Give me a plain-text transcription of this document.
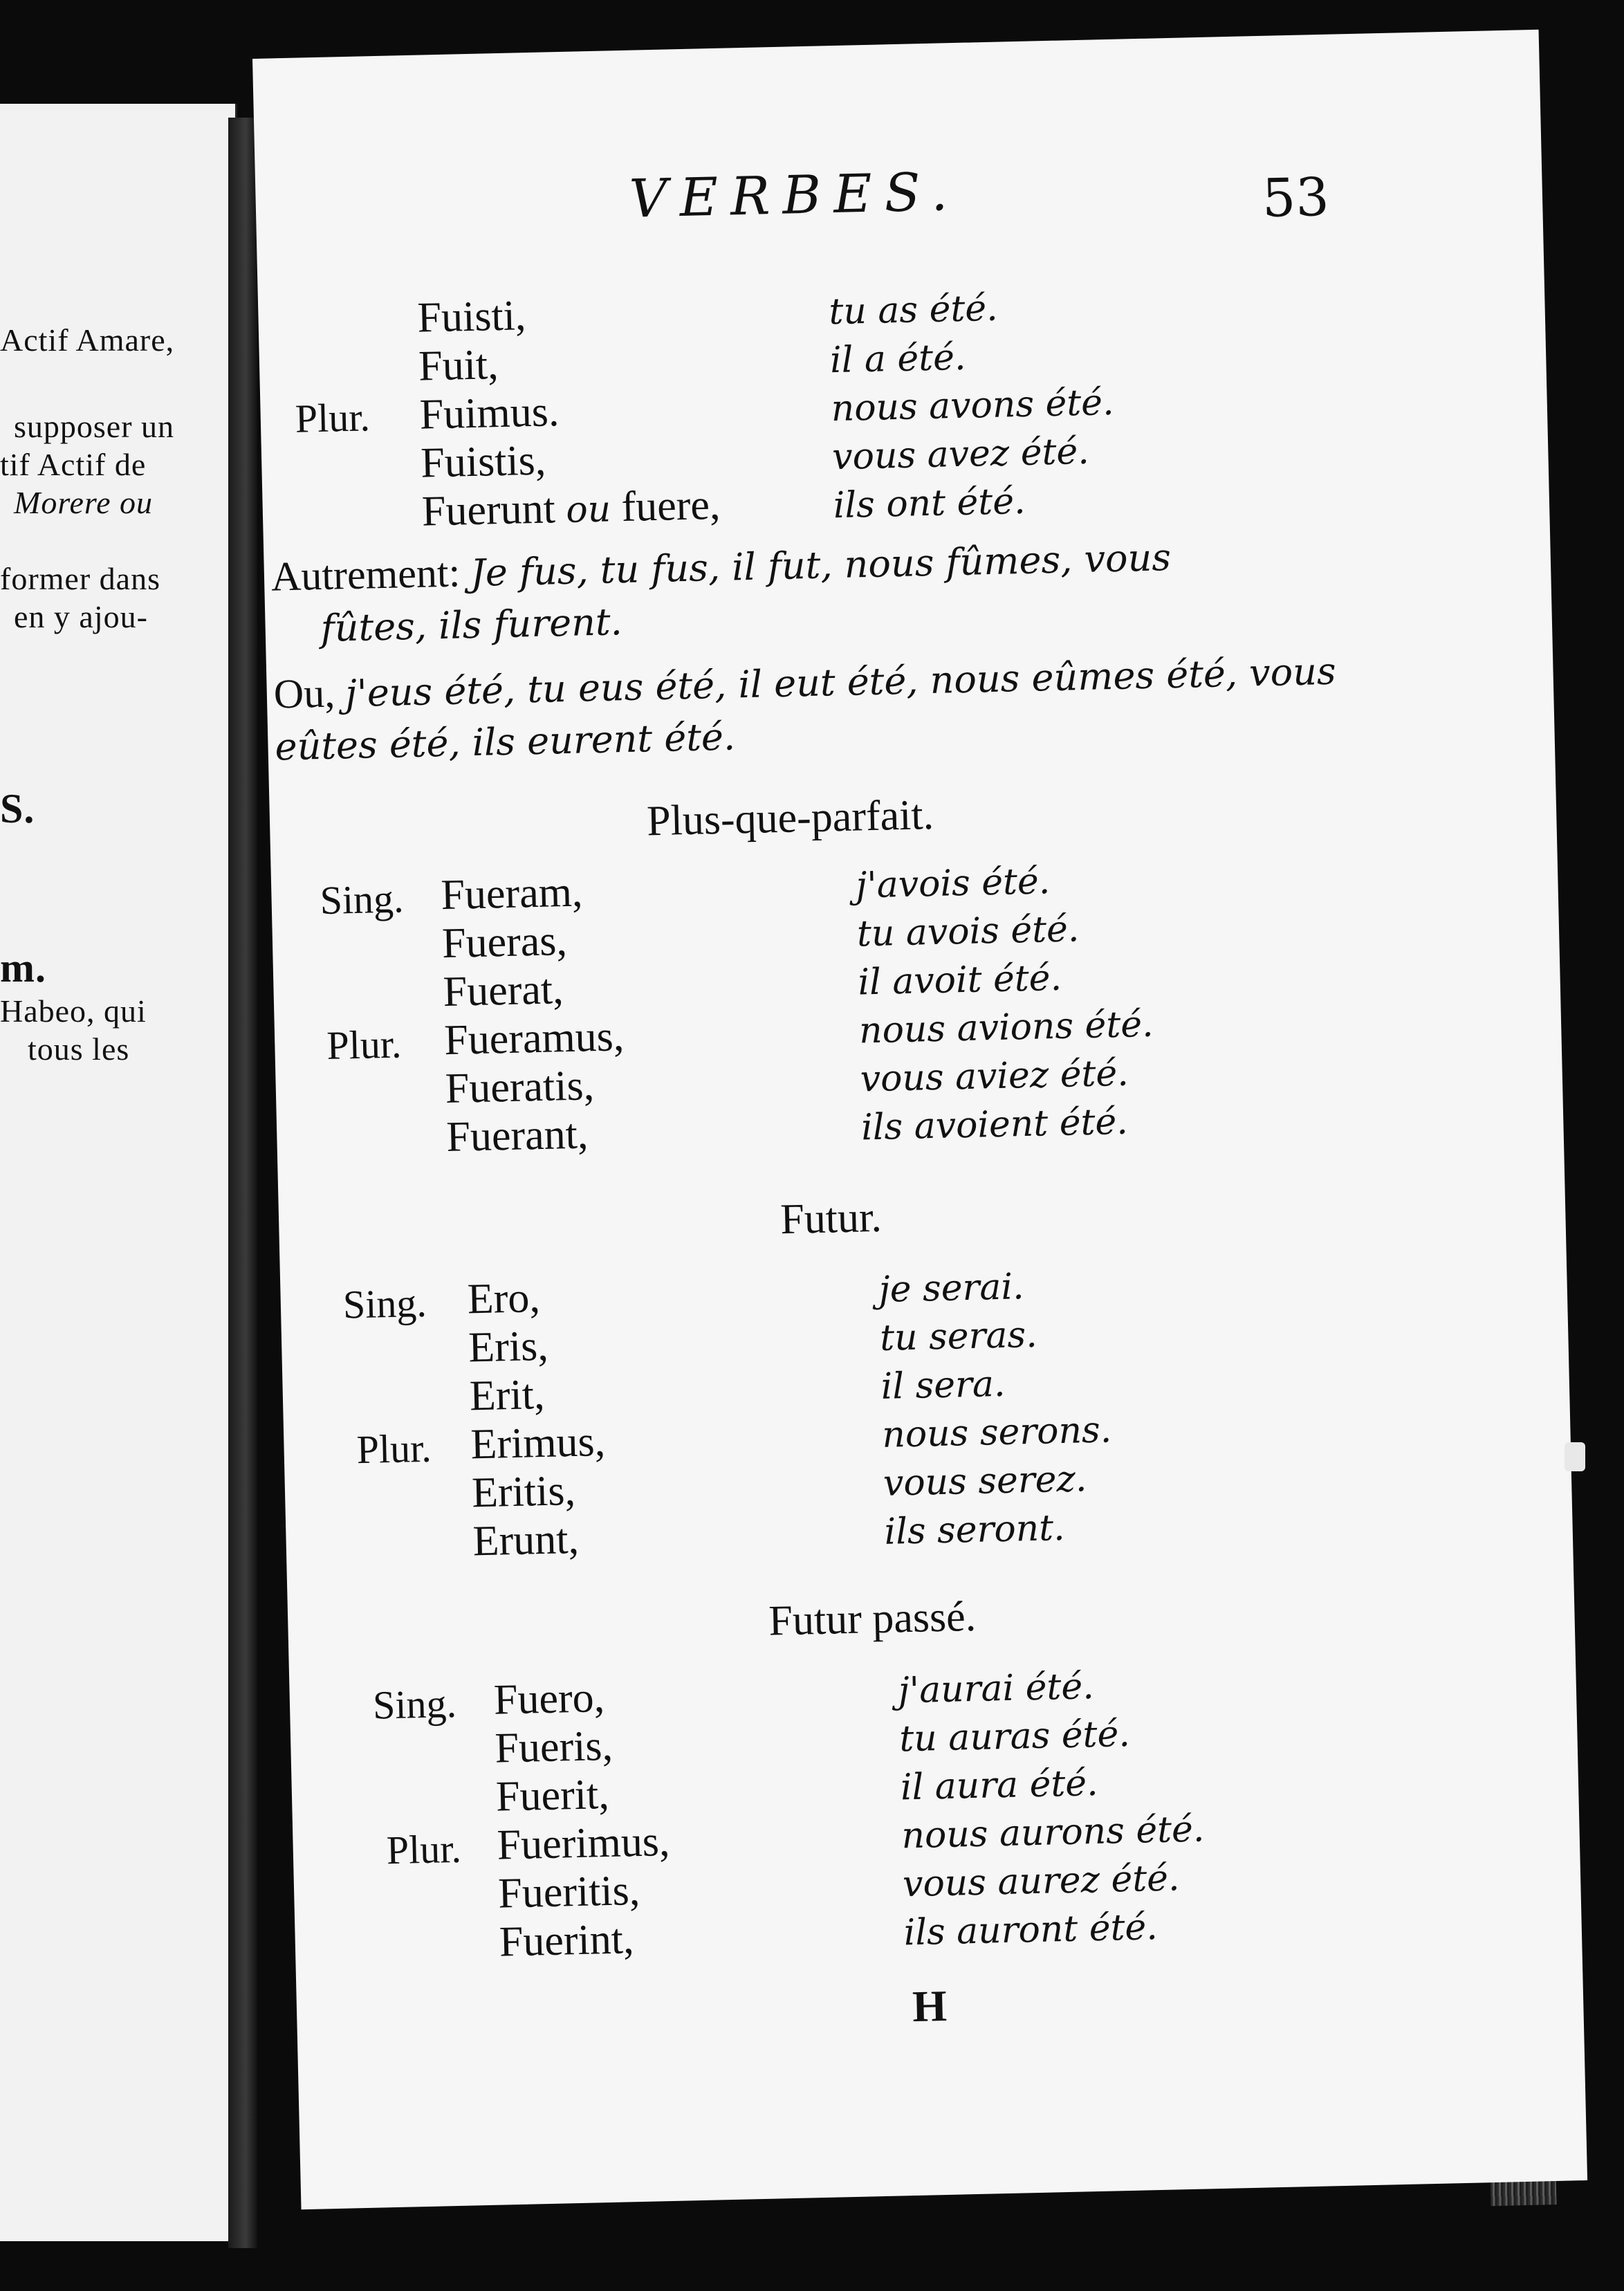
Actif Amare,
supposer un
tif Actif de
Morere ou
former dans
en y ajou-
S.
m.
Habeo, qui
tous les
VERBES.	53
Fuisti,	tu as été.
Fuit,	il a été.
Plur. Fuimus.	nous avons été.
Fuistis,	vous avez été.
Fuerunt ou fuere,	ils ont été.
Autrement: Je fus, tu fus, il fut, nous fûmes, vous
fûtes, ils furent.
Ou, j'eus été, tu eus été, il eut été, nous eûmes été, vous
eûtes été, ils eurent été.
Plus-que-parfait.
Sing. Fueram,	j'avois été.
Fueras,	tu avois été.
Fuerat,	il avoit été.
Plur. Fueramus,	nous avions été.
Fueratis,	vous aviez été.
Fuerant,	ils avoient été.
Futur.
Sing. Ero,	je serai.
Eris,	tu seras.
Erit,	il sera.
Plur. Erimus,	nous serons.
Eritis,	vous serez.
Erunt,	ils seront.
Futur passé.
Sing. Fuero,	j'aurai été.
Fueris,	tu auras été.
Fuerit,	il aura été.
Plur. Fuerimus,	nous aurons été.
Fueritis,	vous aurez été.
Fuerint,	ils auront été.
H
